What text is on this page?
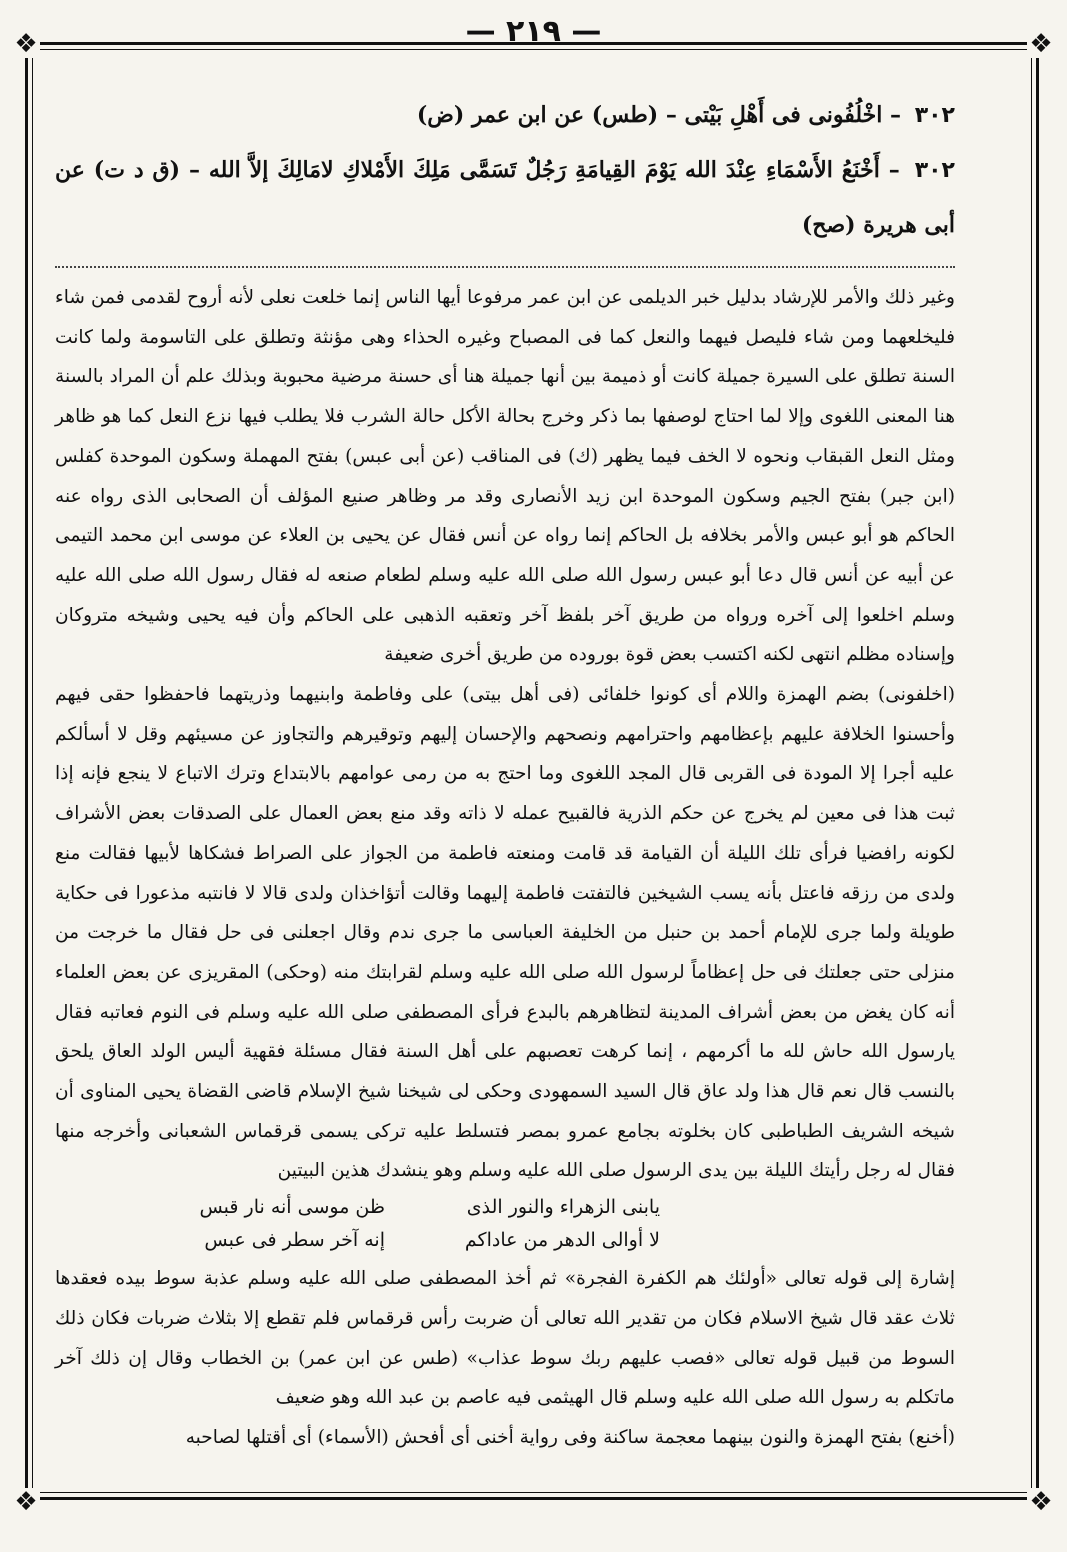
— ٢١٩ —
❖	❖
❖	❖

٣٠٢ – اخْلُفُونى فى أَهْلِ بَيْتى – (طس) عن ابن عمر (ض)

٣٠٢ – أَخْنَعُ الأَسْمَاءِ عِنْدَ الله يَوْمَ القِيامَةِ رَجُلٌ تَسَمَّى مَلِكَ الأَمْلاكِ لامَالِكَ إلاَّ الله – (ق د ت) عن أبى هريرة (صح)

وغير ذلك والأمر للإرشاد بدليل خبر الديلمى عن ابن عمر مرفوعا أيها الناس إنما خلعت نعلى لأنه أروح لقدمى فمن شاء فليخلعهما ومن شاء فليصل فيهما والنعل كما فى المصباح وغيره الحذاء وهى مؤنثة وتطلق على التاسومة ولما كانت السنة تطلق على السيرة جميلة كانت أو ذميمة بين أنها جميلة هنا أى حسنة مرضية محبوبة وبذلك علم أن المراد بالسنة هنا المعنى اللغوى وإلا لما احتاج لوصفها بما ذكر وخرج بحالة الأكل حالة الشرب فلا يطلب فيها نزع النعل كما هو ظاهر ومثل النعل القبقاب ونحوه لا الخف فيما يظهر (ك) فى المناقب (عن أبى عبس) بفتح المهملة وسكون الموحدة كفلس (ابن جبر) بفتح الجيم وسكون الموحدة ابن زيد الأنصارى وقد مر وظاهر صنيع المؤلف أن الصحابى الذى رواه عنه الحاكم هو أبو عبس والأمر بخلافه بل الحاكم إنما رواه عن أنس فقال عن يحيى بن العلاء عن موسى ابن محمد التيمى عن أبيه عن أنس قال دعا أبو عبس رسول الله صلى الله عليه وسلم لطعام صنعه له فقال رسول الله صلى الله عليه وسلم اخلعوا إلى آخره ورواه من طريق آخر بلفظ آخر وتعقبه الذهبى على الحاكم وأن فيه يحيى وشيخه متروكان وإسناده مظلم انتهى لكنه اكتسب بعض قوة بوروده من طريق أخرى ضعيفة

(اخلفونى) بضم الهمزة واللام أى كونوا خلفائى (فى أهل بيتى) على وفاطمة وابنيهما وذريتهما فاحفظوا حقى فيهم وأحسنوا الخلافة عليهم بإعظامهم واحترامهم ونصحهم والإحسان إليهم وتوقيرهم والتجاوز عن مسيئهم وقل لا أسألكم عليه أجرا إلا المودة فى القربى قال المجد اللغوى وما احتج به من رمى عوامهم بالابتداع وترك الاتباع لا ينجع فإنه إذا ثبت هذا فى معين لم يخرج عن حكم الذرية فالقبيح عمله لا ذاته وقد منع بعض العمال على الصدقات بعض الأشراف لكونه رافضيا فرأى تلك الليلة أن القيامة قد قامت ومنعته فاطمة من الجواز على الصراط فشكاها لأبيها فقالت منع ولدى من رزقه فاعتل بأنه يسب الشيخين فالتفتت فاطمة إليهما وقالت أتؤاخذان ولدى قالا لا فانتبه مذعورا فى حكاية طويلة ولما جرى للإمام أحمد بن حنبل من الخليفة العباسى ما جرى ندم وقال اجعلنى فى حل فقال ما خرجت من منزلى حتى جعلتك فى حل إعظاماً لرسول الله صلى الله عليه وسلم لقرابتك منه (وحكى) المقريزى عن بعض العلماء أنه كان يغض من بعض أشراف المدينة لتظاهرهم بالبدع فرأى المصطفى صلى الله عليه وسلم فى النوم فعاتبه فقال يارسول الله حاش لله ما أكرمهم ، إنما كرهت تعصبهم على أهل السنة فقال مسئلة فقهية أليس الولد العاق يلحق بالنسب قال نعم قال هذا ولد عاق قال السيد السمهودى وحكى لى شيخنا شيخ الإسلام قاضى القضاة يحيى المناوى أن شيخه الشريف الطباطبى كان بخلوته بجامع عمرو بمصر فتسلط عليه تركى يسمى قرقماس الشعبانى وأخرجه منها فقال له رجل رأيتك الليلة بين يدى الرسول صلى الله عليه وسلم وهو ينشدك هذين البيتين

يابنى الزهراء والنور الذى
ظن موسى أنه نار قبس
لا أوالى الدهر من عاداكم
إنه آخر سطر فى عبس

إشارة إلى قوله تعالى «أولئك هم الكفرة الفجرة» ثم أخذ المصطفى صلى الله عليه وسلم عذبة سوط بيده فعقدها ثلاث عقد قال شيخ الاسلام فكان من تقدير الله تعالى أن ضربت رأس قرقماس فلم تقطع إلا بثلاث ضربات فكان ذلك السوط من قبيل قوله تعالى «فصب عليهم ربك سوط عذاب» (طس عن ابن عمر) بن الخطاب وقال إن ذلك آخر ماتكلم به رسول الله صلى الله عليه وسلم قال الهيثمى فيه عاصم بن عبد الله وهو ضعيف

(أخنع) بفتح الهمزة والنون بينهما معجمة ساكنة وفى رواية أخنى أى أفحش (الأسماء) أى أقتلها لصاحبه
